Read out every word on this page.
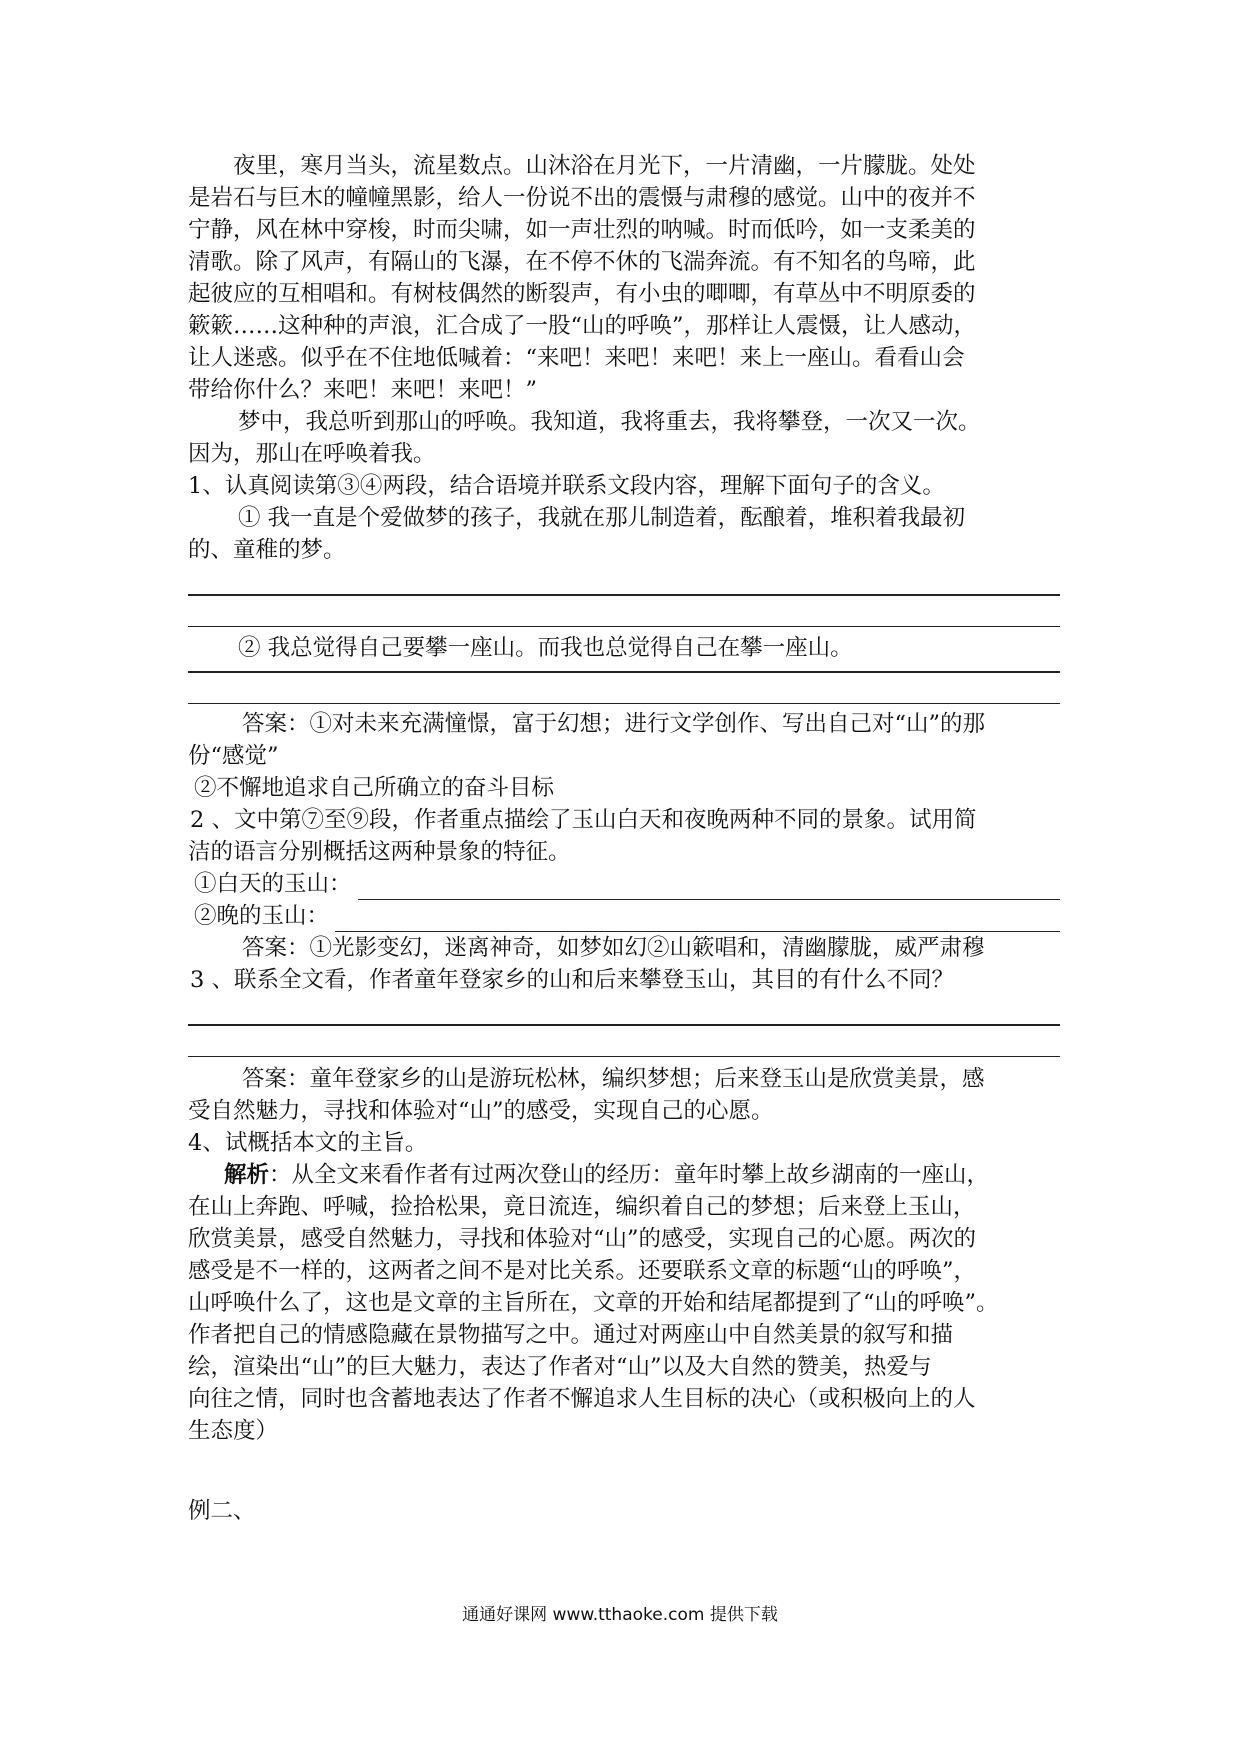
夜里，寒月当头，流星数点。山沐浴在月光下，一片清幽，一片朦胧。处处

是岩石与巨木的幢幢黑影，给人一份说不出的震慑与肃穆的感觉。山中的夜并不

宁静，风在林中穿梭，时而尖啸，如一声壮烈的呐喊。时而低吟，如一支柔美的

清歌。除了风声，有隔山的飞瀑，在不停不休的飞湍奔流。有不知名的鸟啼，此

起彼应的互相唱和。有树枝偶然的断裂声，有小虫的唧唧，有草丛中不明原委的

簌簌……这种种的声浪，汇合成了一股“山的呼唤”，那样让人震慑，让人感动，

让人迷惑。似乎在不住地低喊着：“来吧！来吧！来吧！来上一座山。看看山会

带给你什么？来吧！来吧！来吧！”

梦中，我总听到那山的呼唤。我知道，我将重去，我将攀登，一次又一次。

因为，那山在呼唤着我。

1、认真阅读第③④两段，结合语境并联系文段内容，理解下面句子的含义。

① 我一直是个爱做梦的孩子，我就在那儿制造着，酝酿着，堆积着我最初

的、童稚的梦。

② 我总觉得自己要攀一座山。而我也总觉得自己在攀一座山。

答案：①对未来充满憧憬，富于幻想；进行文学创作、写出自己对“山”的那

份“感觉”

②不懈地追求自己所确立的奋斗目标

2 、文中第⑦至⑨段，作者重点描绘了玉山白天和夜晚两种不同的景象。试用简

洁的语言分别概括这两种景象的特征。

①白天的玉山：
②晚的玉山：

答案：①光影变幻，迷离神奇，如梦如幻②山簌唱和，清幽朦胧，威严肃穆

3 、联系全文看，作者童年登家乡的山和后来攀登玉山，其目的有什么不同？

答案：童年登家乡的山是游玩松林，编织梦想；后来登玉山是欣赏美景，感

受自然魅力，寻找和体验对“山”的感受，实现自己的心愿。

4、试概括本文的主旨。

解析：从全文来看作者有过两次登山的经历：童年时攀上故乡湖南的一座山，

在山上奔跑、呼喊，捡拾松果，竟日流连，编织着自己的梦想；后来登上玉山，

欣赏美景，感受自然魅力，寻找和体验对“山”的感受，实现自己的心愿。两次的

感受是不一样的，这两者之间不是对比关系。还要联系文章的标题“山的呼唤”，

山呼唤什么了，这也是文章的主旨所在，文章的开始和结尾都提到了“山的呼唤”。

作者把自己的情感隐藏在景物描写之中。通过对两座山中自然美景的叙写和描

绘，渲染出“山”的巨大魅力，表达了作者对“山”以及大自然的赞美，热爱与

向往之情，同时也含蓄地表达了作者不懈追求人生目标的决心（或积极向上的人

生态度）

例二、

通通好课网 www.tthaoke.com 提供下载
